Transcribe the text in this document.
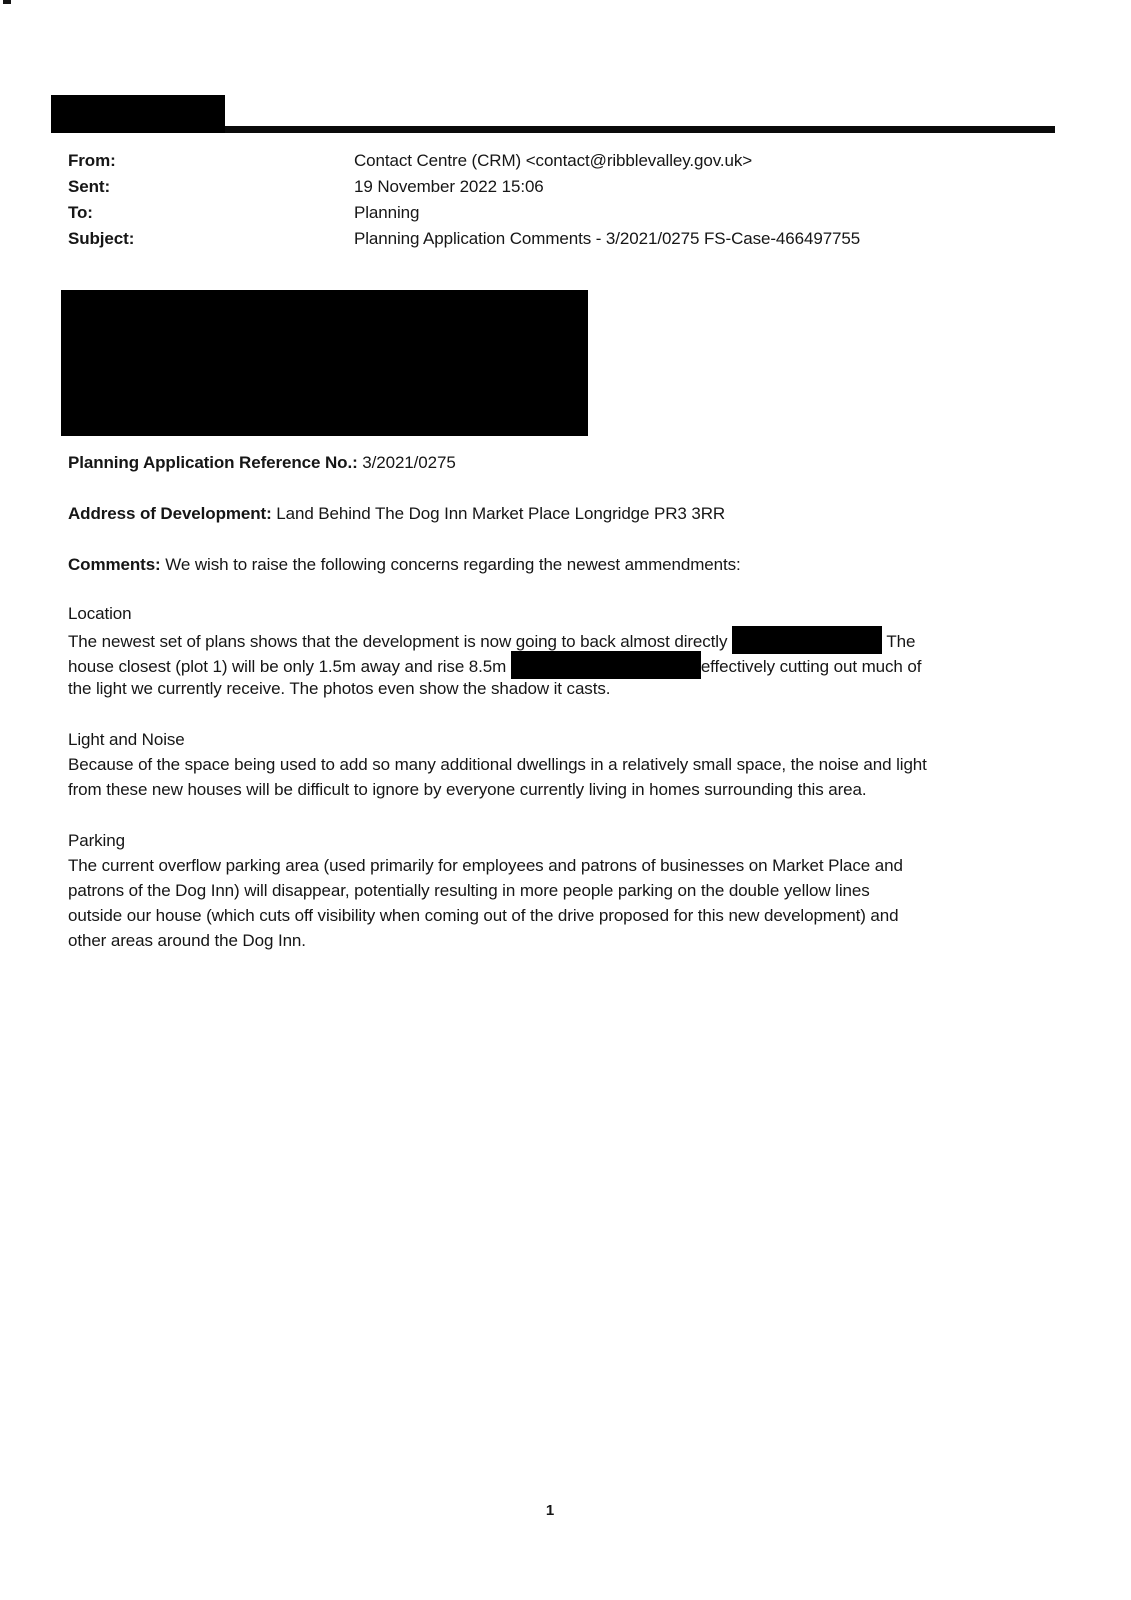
From:	Contact Centre (CRM) <contact@ribblevalley.gov.uk>
Sent:	19 November 2022 15:06
To:	Planning
Subject:	Planning Application Comments - 3/2021/0275 FS-Case-466497755
Planning Application Reference No.: 3/2021/0275
Address of Development: Land Behind The Dog Inn Market Place Longridge PR3 3RR
Comments: We wish to raise the following concerns regarding the newest ammendments:
Location
The newest set of plans shows that the development is now going to back almost directly	The
house closest (plot 1) will be only 1.5m away and rise 8.5m	effectively cutting out much of
the light we currently receive. The photos even show the shadow it casts.
Light and Noise
Because of the space being used to add so many additional dwellings in a relatively small space, the noise and light
from these new houses will be difficult to ignore by everyone currently living in homes surrounding this area.
Parking
The current overflow parking area (used primarily for employees and patrons of businesses on Market Place and
patrons of the Dog Inn) will disappear, potentially resulting in more people parking on the double yellow lines
outside our house (which cuts off visibility when coming out of the drive proposed for this new development) and
other areas around the Dog Inn.
1
